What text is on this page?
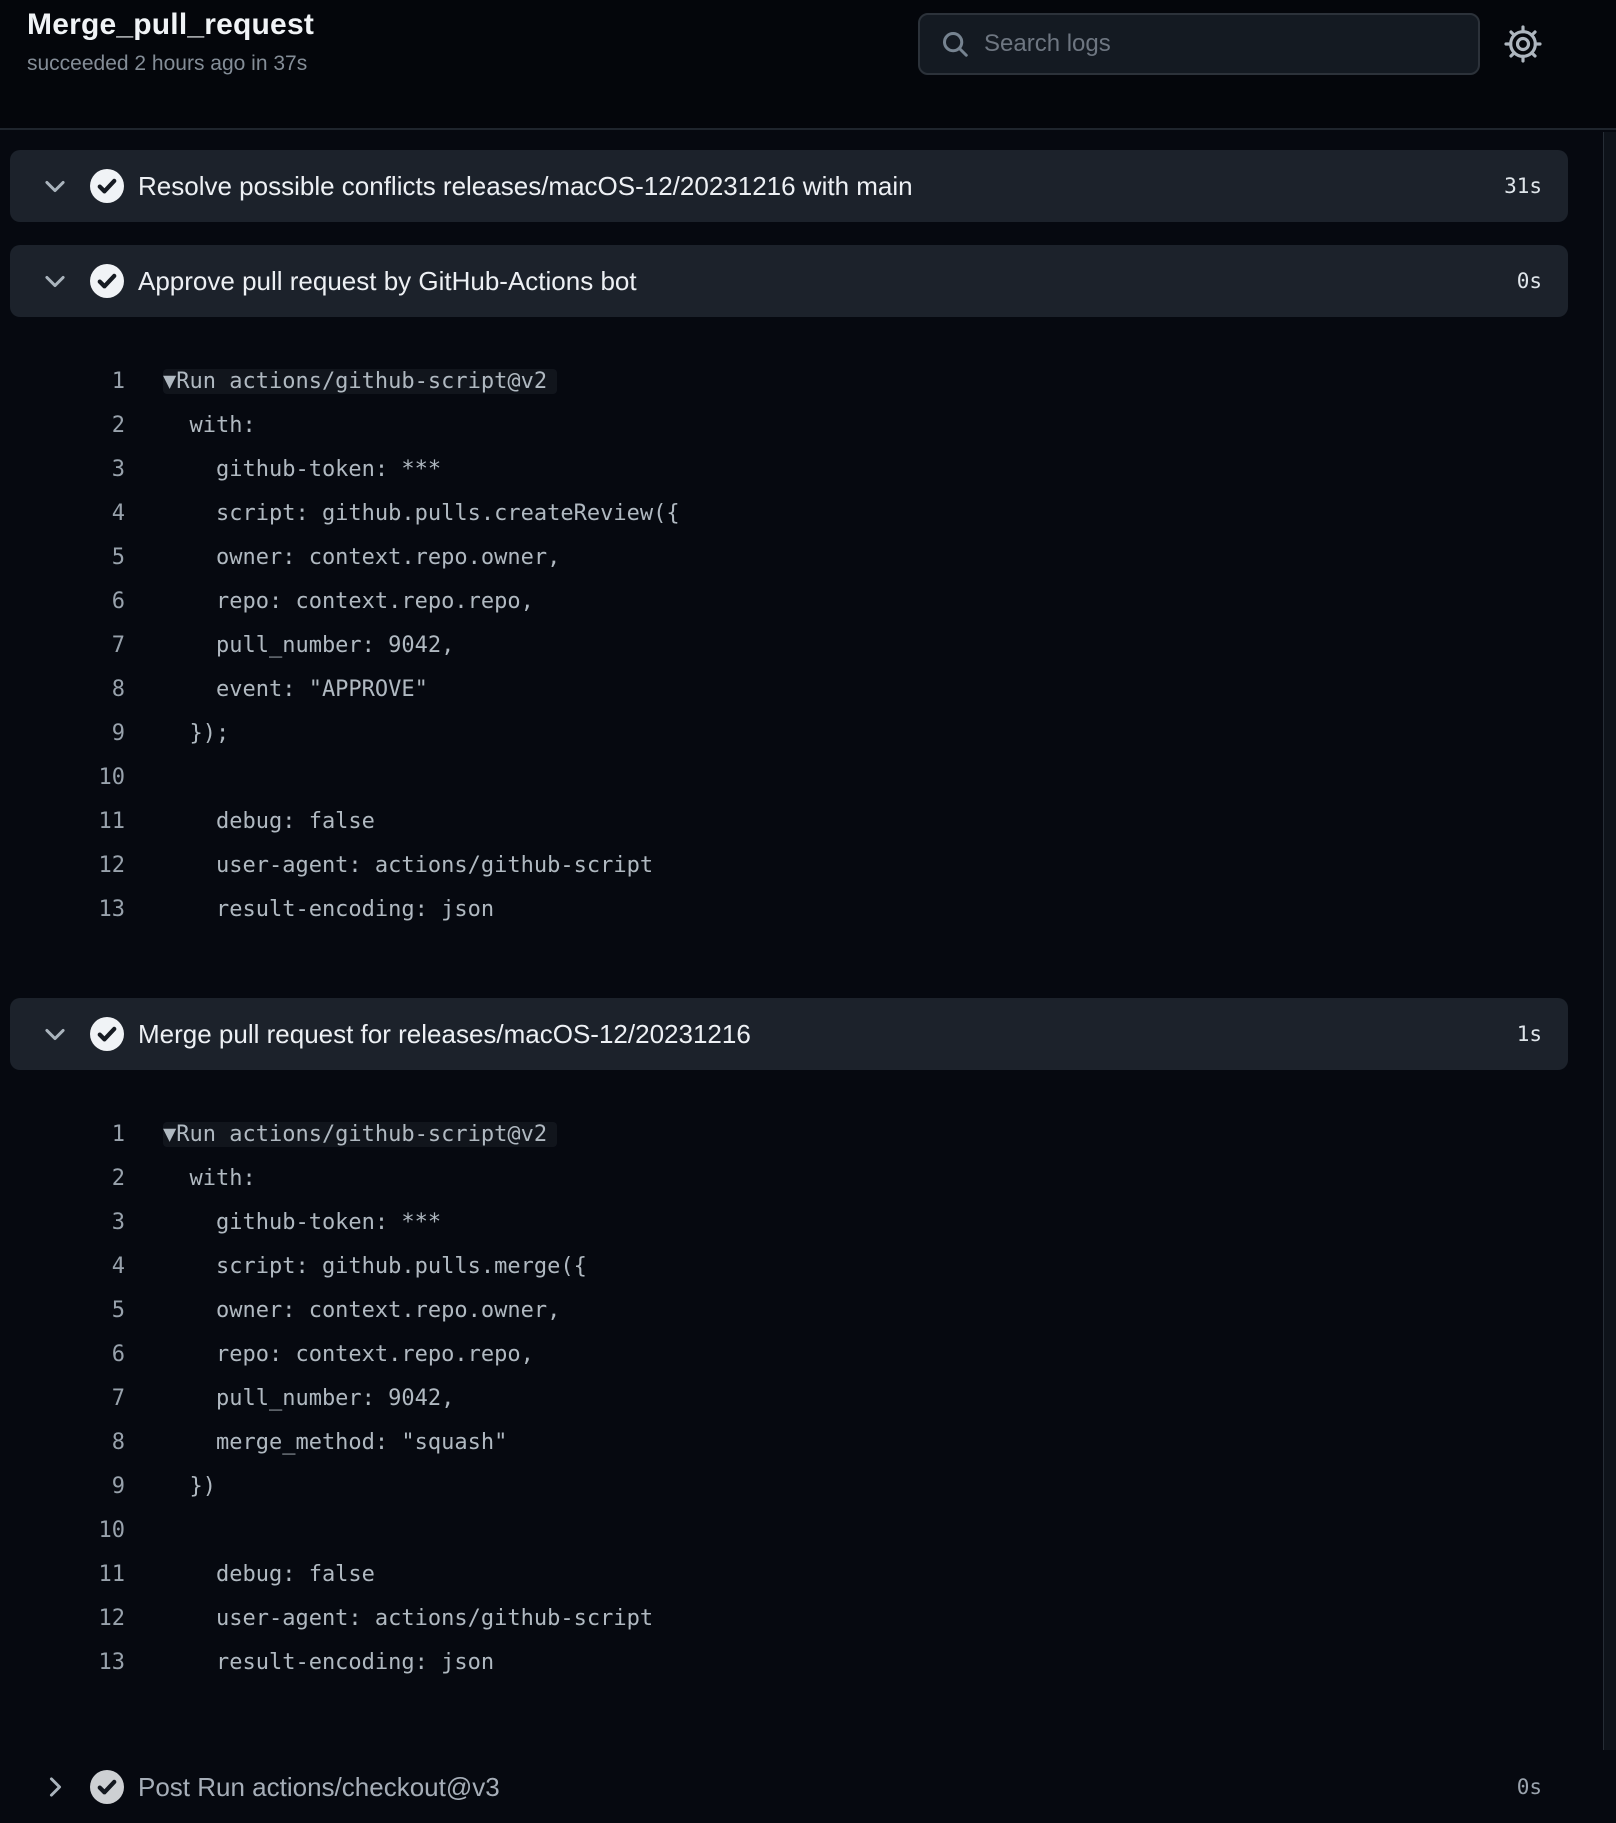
Merge_pull_request
succeeded 2 hours ago in 37s
Search logs
Resolve possible conflicts releases/macOS-12/20231216 with main	31s
Approve pull request by GitHub-Actions bot	0s
1 ▼Run actions/github-script@v2
2 with:
3 github-token: ***
4 script: github.pulls.createReview({
5 owner: context.repo.owner,
6 repo: context.repo.repo,
7 pull_number: 9042,
8 event: "APPROVE"
9 });
10
11 debug: false
12 user-agent: actions/github-script
13 result-encoding: json
Merge pull request for releases/macOS-12/20231216	1s
1 ▼Run actions/github-script@v2
2 with:
3 github-token: ***
4 script: github.pulls.merge({
5 owner: context.repo.owner,
6 repo: context.repo.repo,
7 pull_number: 9042,
8 merge_method: "squash"
9 })
10
11 debug: false
12 user-agent: actions/github-script
13 result-encoding: json
Post Run actions/checkout@v3	0s
